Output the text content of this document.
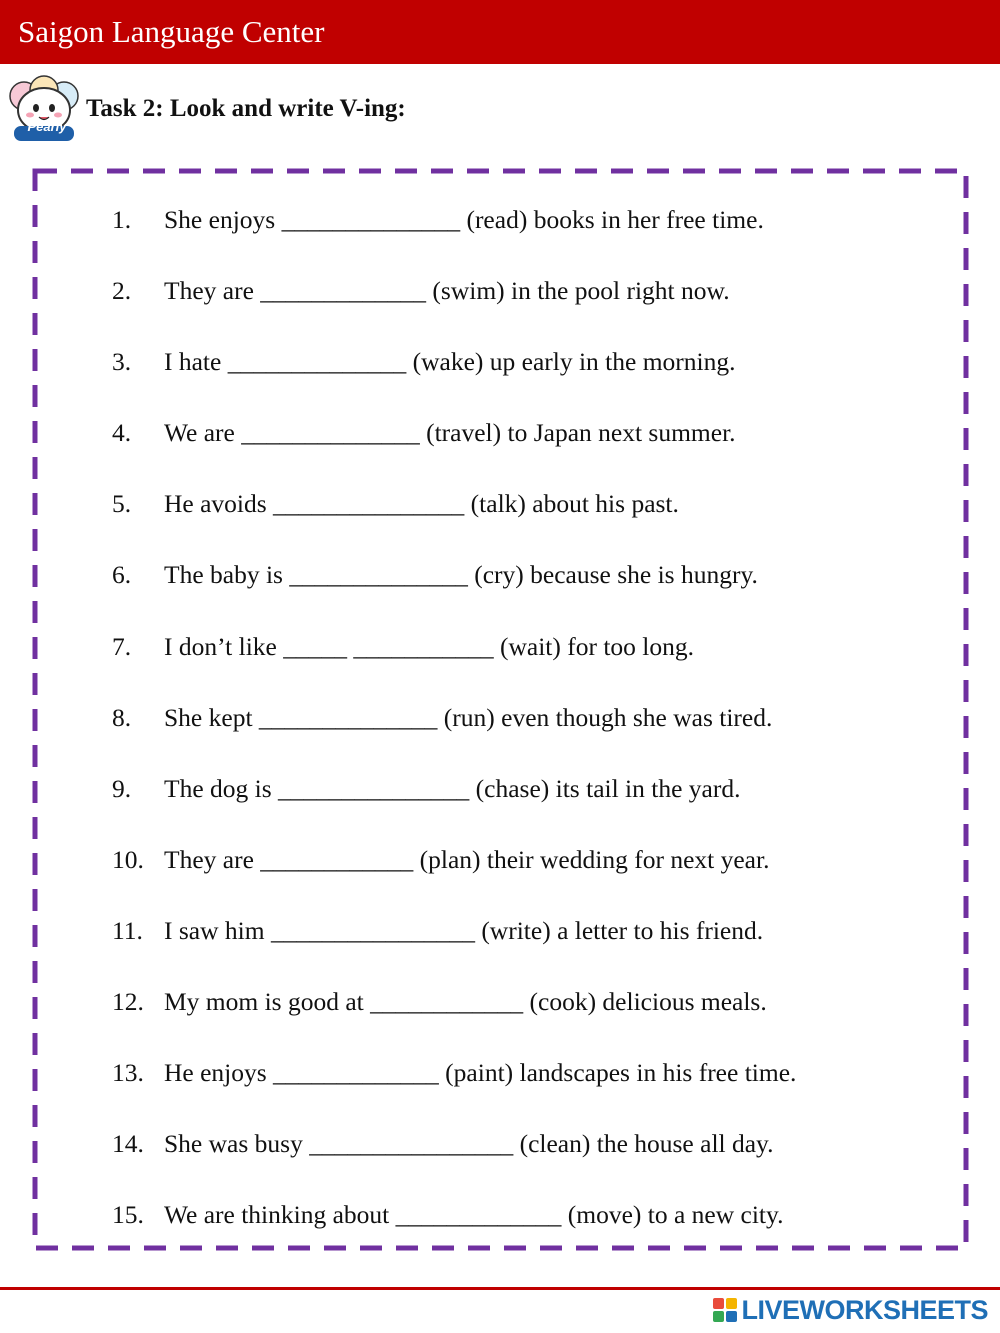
Saigon Language Center
Pearly
Task 2: Look and write V-ing:
1.	She enjoys ______________ (read) books in her free time.
2.	They are _____________ (swim) in the pool right now.
3.	I hate ______________ (wake) up early in the morning.
4.	We are ______________ (travel) to Japan next summer.
5.	He avoids _______________ (talk) about his past.
6.	The baby is ______________ (cry) because she is hungry.
7.	I don’t like _____ ___________ (wait) for too long.
8.	She kept ______________ (run) even though she was tired.
9.	The dog is _______________ (chase) its tail in the yard.
10. They are ____________ (plan) their wedding for next year.
11. I saw him ________________ (write) a letter to his friend.
12. My mom is good at ____________ (cook) delicious meals.
13. He enjoys _____________ (paint) landscapes in his free time.
14. She was busy ________________ (clean) the house all day.
15. We are thinking about _____________ (move) to a new city.
LIVEWORKSHEETS
